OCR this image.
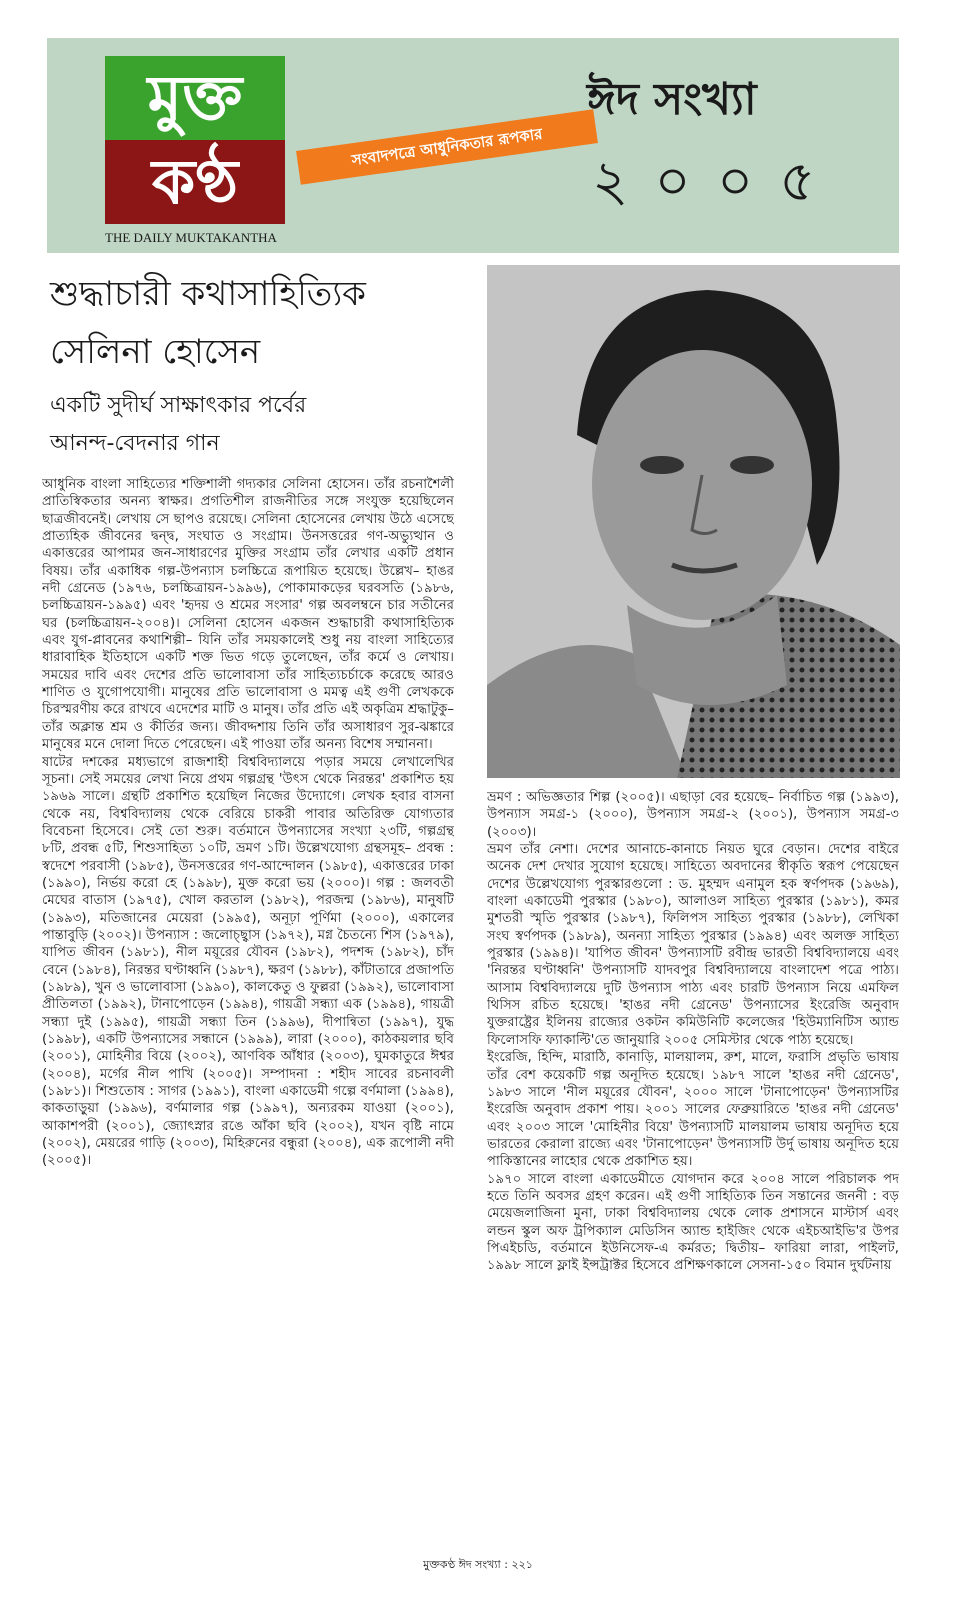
মুক্ত
কণ্ঠ	সংবাদপত্রে আধুনিকতার রূপকার
THE DAILY MUKTAKANTHA
ঈদ সংখ্যা
২০০৫
শুদ্ধাচারী কথাসাহিত্যিক
সেলিনা হোসেন
একটি সুদীর্ঘ সাক্ষাৎকার পর্বের
আনন্দ-বেদনার গান

আধুনিক বাংলা সাহিত্যের শক্তিশালী গদ্যকার সেলিনা হোসেন। তাঁর রচনাশৈলী প্রাতিস্বিকতার অনন্য স্বাক্ষর। প্রগতিশীল রাজনীতির সঙ্গে সংযুক্ত হয়েছিলেন ছাত্রজীবনেই। লেখায় সে ছাপও রয়েছে। সেলিনা হোসেনের লেখায় উঠে এসেছে প্রাত্যহিক জীবনের দ্বন্দ্ব, সংঘাত ও সংগ্রাম। উনসত্তরের গণ-অভ্যুত্থান ও একাত্তরের আপামর জন-সাধারণের মুক্তির সংগ্রাম তাঁর লেখার একটি প্রধান বিষয়। তাঁর একাধিক গল্প-উপন্যাস চলচ্চিত্রে রূপায়িত হয়েছে। উল্লেখ– হাঙর নদী গ্রেনেড (১৯৭৬, চলচ্চিত্রায়ন-১৯৯৬), পোকামাকড়ের ঘরবসতি (১৯৮৬, চলচ্চিত্রায়ন-১৯৯৫) এবং 'হৃদয় ও শ্রমের সংসার' গল্প অবলম্বনে চার সতীনের ঘর (চলচ্চিত্রায়ন-২০০৪)। সেলিনা হোসেন একজন শুদ্ধাচারী কথাসাহিত্যিক এবং যুগ-প্লাবনের কথাশিল্পী– যিনি তাঁর সময়কালেই শুধু নয় বাংলা সাহিত্যের ধারাবাহিক ইতিহাসে একটি শক্ত ভিত গড়ে তুলেছেন, তাঁর কর্মে ও লেখায়। সময়ের দাবি এবং দেশের প্রতি ভালোবাসা তাঁর সাহিত্যচর্চাকে করেছে আরও শাণিত ও যুগোপযোগী। মানুষের প্রতি ভালোবাসা ও মমত্ব এই গুণী লেখককে চিরস্মরণীয় করে রাখবে এদেশের মাটি ও মানুষ। তাঁর প্রতি এই অকৃত্রিম শ্রদ্ধাটুকু– তাঁর অক্লান্ত শ্রম ও কীর্তির জন্য। জীবদ্দশায় তিনি তাঁর অসাধারণ সুর-ঝঙ্কারে মানুষের মনে দোলা দিতে পেরেছেন। এই পাওয়া তাঁর অনন্য বিশেষ সম্মাননা।

ষাটের দশকের মধ্যভাগে রাজশাহী বিশ্ববিদ্যালয়ে পড়ার সময়ে লেখালেখির সূচনা। সেই সময়ের লেখা নিয়ে প্রথম গল্পগ্রন্থ 'উৎস থেকে নিরন্তর' প্রকাশিত হয় ১৯৬৯ সালে। গ্রন্থটি প্রকাশিত হয়েছিল নিজের উদ্যোগে। লেখক হবার বাসনা থেকে নয়, বিশ্ববিদ্যালয় থেকে বেরিয়ে চাকরী পাবার অতিরিক্ত যোগ্যতার বিবেচনা হিসেবে। সেই তো শুরু। বর্তমানে উপন্যাসের সংখ্যা ২৩টি, গল্পগ্রন্থ ৮টি, প্রবন্ধ ৫টি, শিশুসাহিত্য ১০টি, ভ্রমণ ১টি। উল্লেখযোগ্য গ্রন্থসমূহ– প্রবন্ধ : স্বদেশে পরবাসী (১৯৮৫), উনসত্তরের গণ-আন্দোলন (১৯৮৫), একাত্তরের ঢাকা (১৯৯০), নির্ভয় করো হে (১৯৯৮), মুক্ত করো ভয় (২০০০)। গল্প : জলবতী মেঘের বাতাস (১৯৭৫), খোল করতাল (১৯৮২), পরজন্ম (১৯৮৬), মানুষটি (১৯৯৩), মতিজানের মেয়েরা (১৯৯৫), অনূঢ়া পূর্ণিমা (২০০০), একালের পান্তাবুড়ি (২০০২)। উপন্যাস : জলোচ্ছ্বাস (১৯৭২), মগ্ন চৈতন্যে শিস (১৯৭৯), যাপিত জীবন (১৯৮১), নীল ময়ূরের যৌবন (১৯৮২), পদশব্দ (১৯৮২), চাঁদ বেনে (১৯৮৪), নিরন্তর ঘণ্টাধ্বনি (১৯৮৭), ক্ষরণ (১৯৮৮), কাঁটাতারে প্রজাপতি (১৯৮৯), খুন ও ভালোবাসা (১৯৯০), কালকেতু ও ফুল্লরা (১৯৯২), ভালোবাসা প্রীতিলতা (১৯৯২), টানাপোড়েন (১৯৯৪), গায়ত্রী সন্ধ্যা এক (১৯৯৪), গায়ত্রী সন্ধ্যা দুই (১৯৯৫), গায়ত্রী সন্ধ্যা তিন (১৯৯৬), দীপান্বিতা (১৯৯৭), যুদ্ধ (১৯৯৮), একটি উপন্যাসের সন্ধানে (১৯৯৯), লারা (২০০০), কাঠকয়লার ছবি (২০০১), মোহিনীর বিয়ে (২০০২), আণবিক আঁধার (২০০৩), ঘুমকাতুরে ঈশ্বর (২০০৪), মর্গের নীল পাখি (২০০৫)। সম্পাদনা : শহীদ সাবের রচনাবলী (১৯৮১)। শিশুতোষ : সাগর (১৯৯১), বাংলা একাডেমী গল্পে বর্ণমালা (১৯৯৪), কাকতাড়ুয়া (১৯৯৬), বর্ণমালার গল্প (১৯৯৭), অন্যরকম যাওয়া (২০০১), আকাশপরী (২০০১), জ্যোৎস্নার রঙে আঁকা ছবি (২০০২), যখন বৃষ্টি নামে (২০০২), মেয়রের গাড়ি (২০০৩), মিহিরুনের বন্ধুরা (২০০৪), এক রূপোলী নদী (২০০৫)।

ভ্রমণ : অভিজ্ঞতার শিল্প (২০০৫)। এছাড়া বের হয়েছে– নির্বাচিত গল্প (১৯৯৩), উপন্যাস সমগ্র-১ (২০০০), উপন্যাস সমগ্র-২ (২০০১), উপন্যাস সমগ্র-৩ (২০০৩)।

ভ্রমণ তাঁর নেশা। দেশের আনাচে-কানাচে নিয়ত ঘুরে বেড়ান। দেশের বাইরে অনেক দেশ দেখার সুযোগ হয়েছে। সাহিত্যে অবদানের স্বীকৃতি স্বরূপ পেয়েছেন দেশের উল্লেখযোগ্য পুরস্কারগুলো : ড. মুহম্মদ এনামুল হক স্বর্ণপদক (১৯৬৯), বাংলা একাডেমী পুরস্কার (১৯৮০), আলাওল সাহিত্য পুরস্কার (১৯৮১), কমর মুশতরী স্মৃতি পুরস্কার (১৯৮৭), ফিলিপস সাহিত্য পুরস্কার (১৯৮৮), লেখিকা সংঘ স্বর্ণপদক (১৯৮৯), অনন্যা সাহিত্য পুরস্কার (১৯৯৪) এবং অলক্ত সাহিত্য পুরস্কার (১৯৯৪)। 'যাপিত জীবন' উপন্যাসটি রবীন্দ্র ভারতী বিশ্ববিদ্যালয়ে এবং 'নিরন্তর ঘণ্টাধ্বনি' উপন্যাসটি যাদবপুর বিশ্ববিদ্যালয়ে বাংলাদেশ পত্রে পাঠ্য। আসাম বিশ্ববিদ্যালয়ে দুটি উপন্যাস পাঠ্য এবং চারটি উপন্যাস নিয়ে এমফিল থিসিস রচিত হয়েছে। 'হাঙর নদী গ্রেনেড' উপন্যাসের ইংরেজি অনুবাদ যুক্তরাষ্ট্রের ইলিনয় রাজ্যের ওকটন কমিউনিটি কলেজের 'হিউম্যানিটিস অ্যান্ড ফিলোসফি ফ্যাকাল্টি'তে জানুয়ারি ২০০৫ সেমিস্টার থেকে পাঠ্য হয়েছে।

ইংরেজি, হিন্দি, মারাঠি, কানাড়ি, মালয়ালম, রুশ, মালে, ফরাসি প্রভৃতি ভাষায় তাঁর বেশ কয়েকটি গল্প অনূদিত হয়েছে। ১৯৮৭ সালে 'হাঙর নদী গ্রেনেড', ১৯৮৩ সালে 'নীল ময়ূরের যৌবন', ২০০০ সালে 'টানাপোড়েন' উপন্যাসটির ইংরেজি অনুবাদ প্রকাশ পায়। ২০০১ সালের ফেব্রুয়ারিতে 'হাঙর নদী গ্রেনেড' এবং ২০০৩ সালে 'মোহিনীর বিয়ে' উপন্যাসটি মালয়ালম ভাষায় অনূদিত হয়ে ভারতের কেরালা রাজ্যে এবং 'টানাপোড়েন' উপন্যাসটি উর্দু ভাষায় অনূদিত হয়ে পাকিস্তানের লাহোর থেকে প্রকাশিত হয়।

১৯৭০ সালে বাংলা একাডেমীতে যোগদান করে ২০০৪ সালে পরিচালক পদ হতে তিনি অবসর গ্রহণ করেন। এই গুণী সাহিত্যিক তিন সন্তানের জননী : বড় মেয়েজলাজিনা মুনা, ঢাকা বিশ্ববিদ্যালয় থেকে লোক প্রশাসনে মাস্টার্স এবং লন্ডন স্কুল অফ ট্রপিক্যাল মেডিসিন অ্যান্ড হাইজিং থেকে এইচআইভি'র উপর পিএইচডি, বর্তমানে ইউনিসেফ-এ কর্মরত; দ্বিতীয়– ফারিয়া লারা, পাইলট, ১৯৯৮ সালে ফ্লাই ইন্সট্রাক্টর হিসেবে প্রশিক্ষণকালে সেসনা-১৫০ বিমান দুর্ঘটনায়

মুক্তকণ্ঠ ঈদ সংখ্যা : ২২১
